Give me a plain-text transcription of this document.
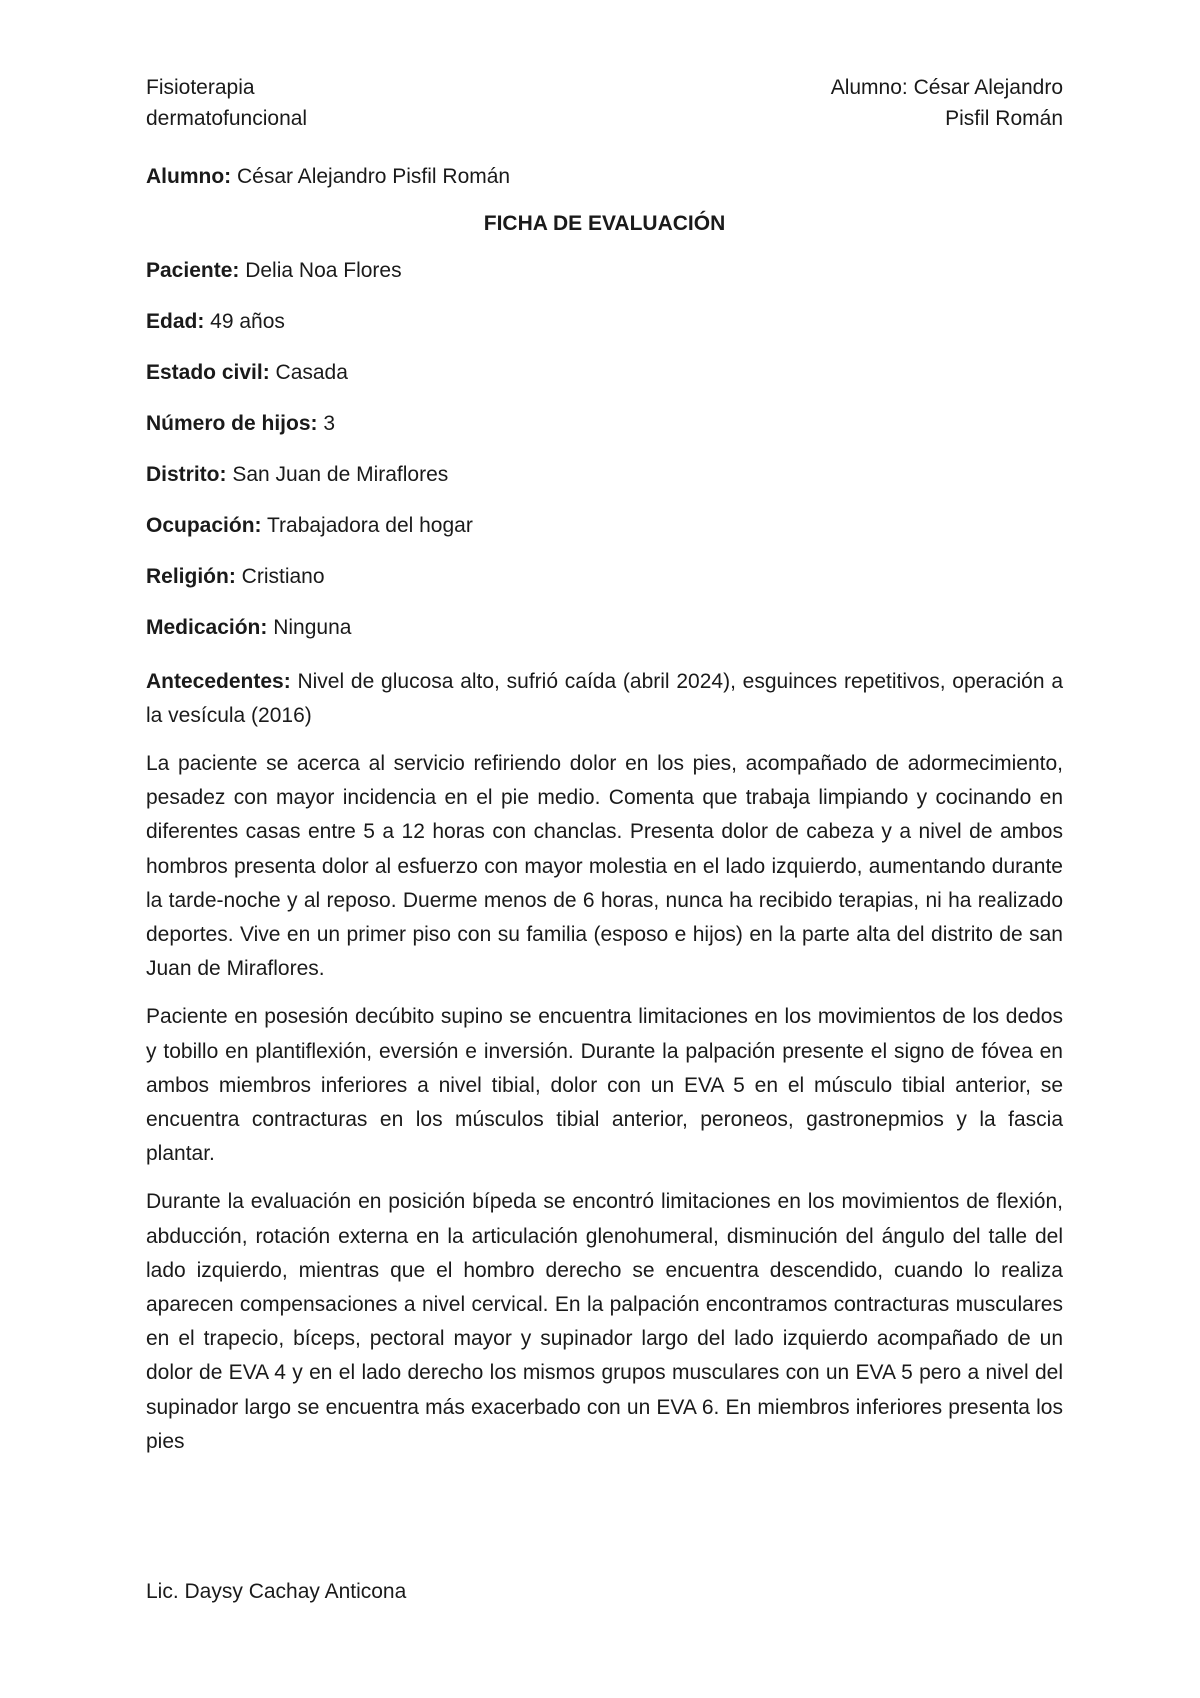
Fisioterapia
dermatofuncional
Alumno: César Alejandro
Pisfil Román

Alumno: César Alejandro Pisfil Román

FICHA DE EVALUACIÓN

Paciente: Delia Noa Flores

Edad: 49 años

Estado civil: Casada

Número de hijos: 3

Distrito: San Juan de Miraflores

Ocupación: Trabajadora del hogar

Religión: Cristiano

Medicación: Ninguna

Antecedentes: Nivel de glucosa alto, sufrió caída (abril 2024), esguinces repetitivos, operación a la vesícula (2016)

La paciente se acerca al servicio refiriendo dolor en los pies, acompañado de adormecimiento, pesadez con mayor incidencia en el pie medio. Comenta que trabaja limpiando y cocinando en diferentes casas entre 5 a 12 horas con chanclas. Presenta dolor de cabeza y a nivel de ambos hombros presenta dolor al esfuerzo con mayor molestia en el lado izquierdo, aumentando durante la tarde-noche y al reposo. Duerme menos de 6 horas, nunca ha recibido terapias, ni ha realizado deportes. Vive en un primer piso con su familia (esposo e hijos) en la parte alta del distrito de san Juan de Miraflores.

Paciente en posesión decúbito supino se encuentra limitaciones en los movimientos de los dedos y tobillo en plantiflexión, eversión e inversión. Durante la palpación presente el signo de fóvea en ambos miembros inferiores a nivel tibial, dolor con un EVA 5 en el músculo tibial anterior, se encuentra contracturas en los músculos tibial anterior, peroneos, gastronepmios y la fascia plantar.

Durante la evaluación en posición bípeda se encontró limitaciones en los movimientos de flexión, abducción, rotación externa en la articulación glenohumeral, disminución del ángulo del talle del lado izquierdo, mientras que el hombro derecho se encuentra descendido, cuando lo realiza aparecen compensaciones a nivel cervical. En la palpación encontramos contracturas musculares en el trapecio, bíceps, pectoral mayor y supinador largo del lado izquierdo acompañado de un dolor de EVA 4 y en el lado derecho los mismos grupos musculares con un EVA 5 pero a nivel del supinador largo se encuentra más exacerbado con un EVA 6. En miembros inferiores presenta los pies

Lic. Daysy Cachay Anticona
